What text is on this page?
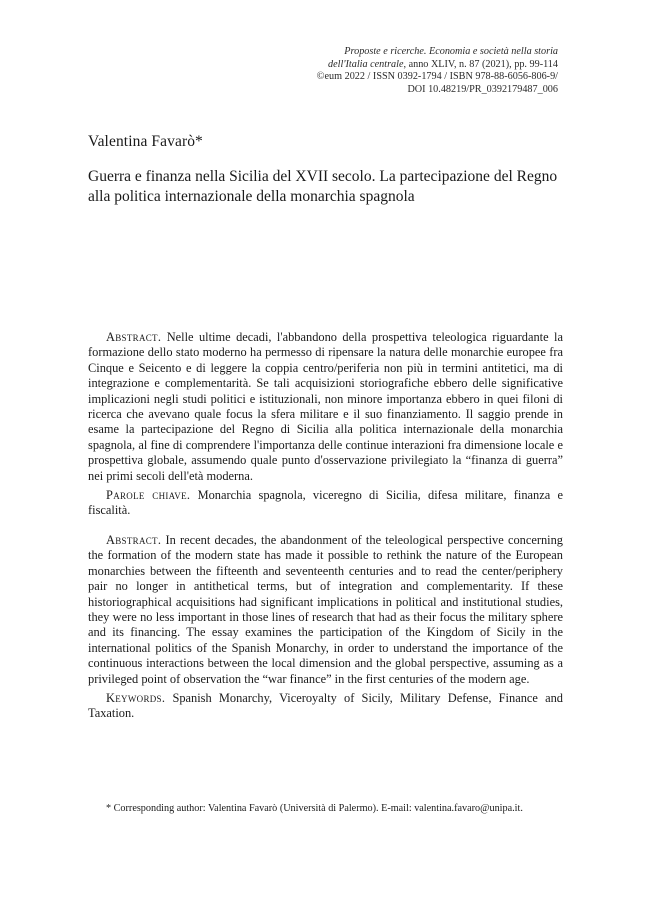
Proposte e ricerche. Economia e società nella storia
dell'Italia centrale, anno XLIV, n. 87 (2021), pp. 99-114
©eum 2022 / ISSN 0392-1794 / ISBN 978-88-6056-806-9/
DOI 10.48219/PR_0392179487_006
Valentina Favarò*
Guerra e finanza nella Sicilia del XVII secolo. La partecipazione del Regno alla politica internazionale della monarchia spagnola

Abstract. Nelle ultime decadi, l'abbandono della prospettiva teleologica riguardante la formazione dello stato moderno ha permesso di ripensare la natura delle monarchie europee fra Cinque e Seicento e di leggere la coppia centro/periferia non più in termini antitetici, ma di integrazione e complementarità. Se tali acquisizioni storiografiche ebbero delle significative implicazioni negli studi politici e istituzionali, non minore importanza ebbero in quei filoni di ricerca che avevano quale focus la sfera militare e il suo finanziamento. Il saggio prende in esame la partecipazione del Regno di Sicilia alla politica internazionale della monarchia spagnola, al fine di comprendere l'importanza delle continue interazioni fra dimensione locale e prospettiva globale, assumendo quale punto d'osservazione privilegiato la “finanza di guerra” nei primi secoli dell'età moderna.

Parole chiave. Monarchia spagnola, viceregno di Sicilia, difesa militare, finanza e fiscalità.

Abstract. In recent decades, the abandonment of the teleological perspective concerning the formation of the modern state has made it possible to rethink the nature of the European monarchies between the fifteenth and seventeenth centuries and to read the center/periphery pair no longer in antithetical terms, but of integration and complementarity. If these historiographical acquisitions had significant implications in political and institutional studies, they were no less important in those lines of research that had as their focus the military sphere and its financing. The essay examines the participation of the Kingdom of Sicily in the international politics of the Spanish Monarchy, in order to understand the importance of the continuous interactions between the local dimension and the global perspective, assuming as a privileged point of observation the “war finance” in the first centuries of the modern age.

Keywords. Spanish Monarchy, Viceroyalty of Sicily, Military Defense, Finance and Taxation.

* Corresponding author: Valentina Favarò (Università di Palermo). E-mail: valentina.favaro@unipa.it.
